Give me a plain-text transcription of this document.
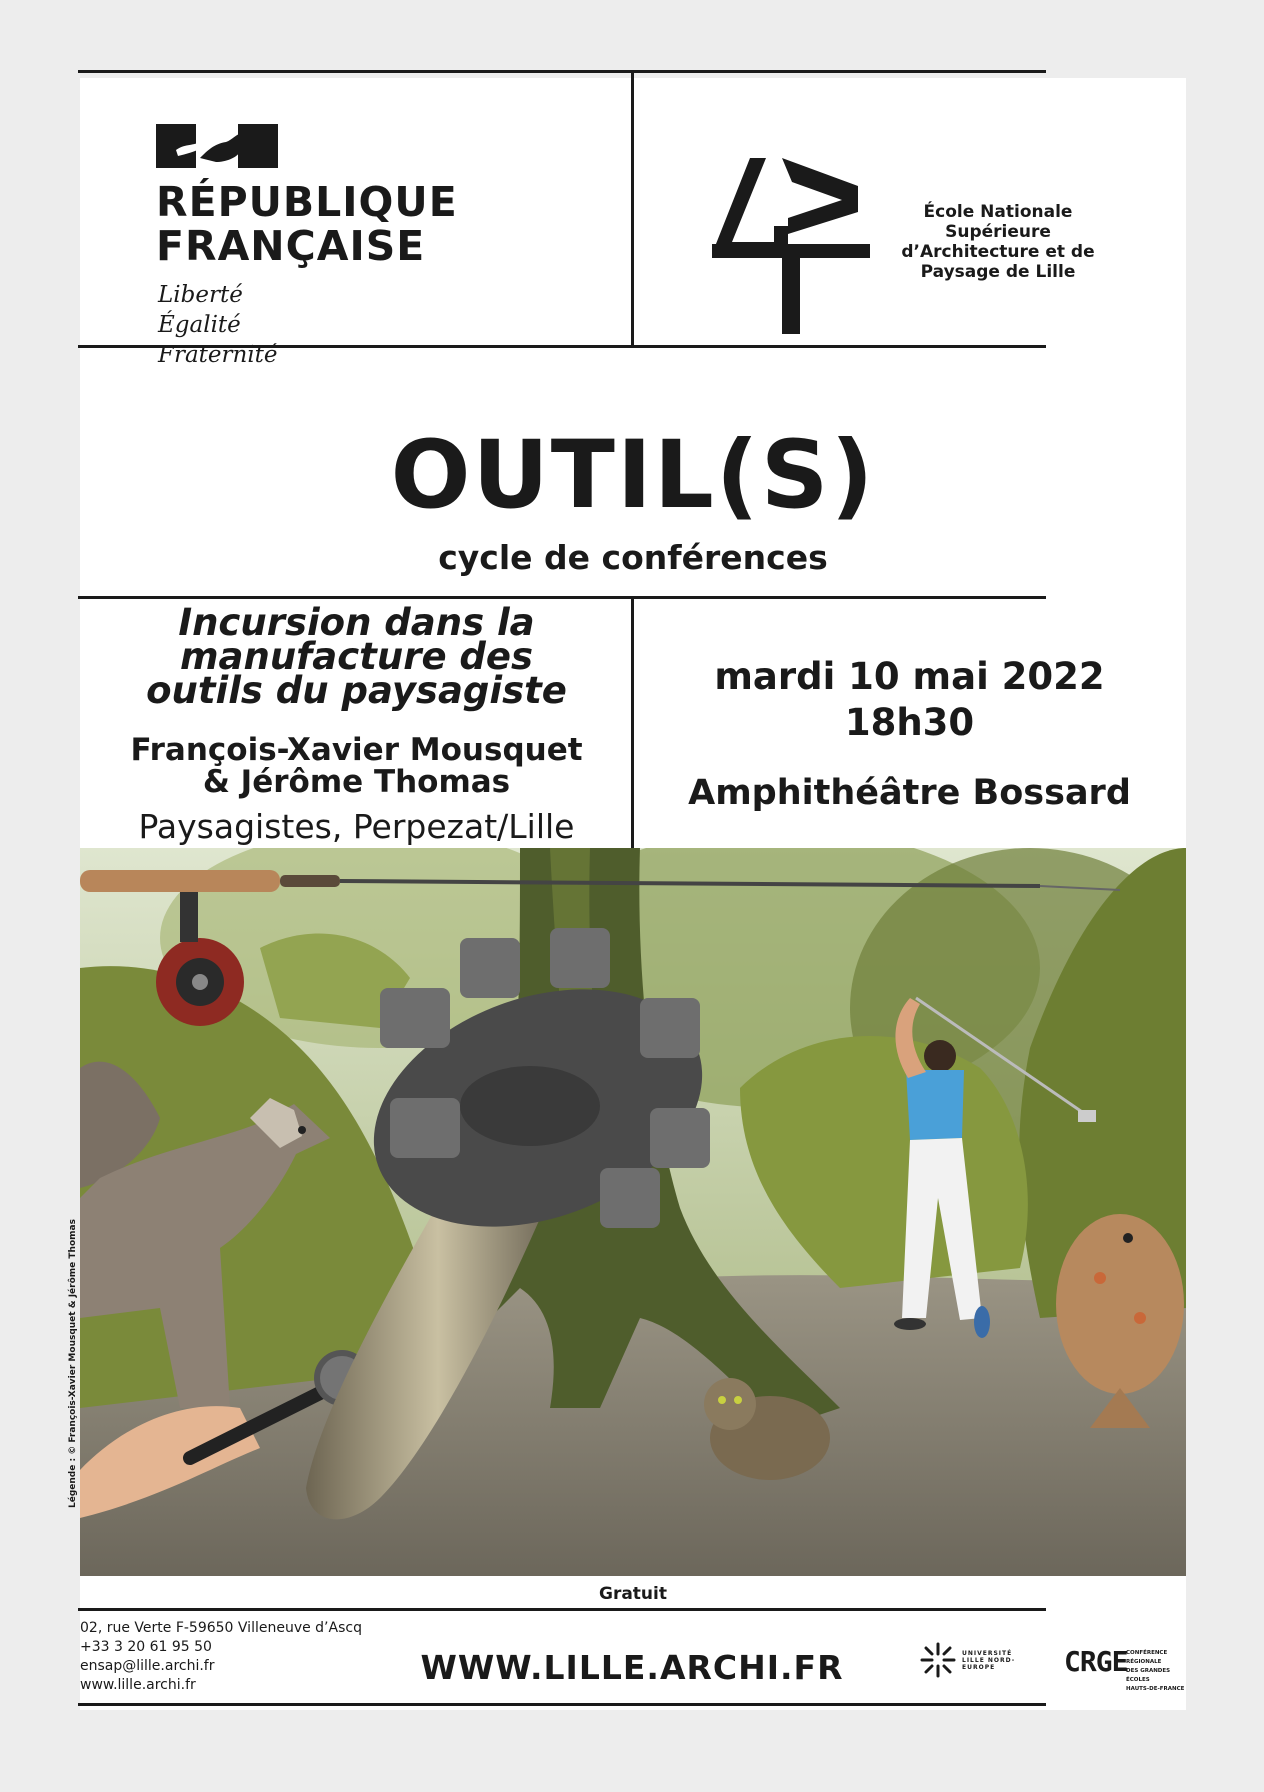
RÉPUBLIQUE
FRANÇAISE
Liberté
Égalité
Fraternité
École Nationale Supérieure d’Architecture et de Paysage de Lille
OUTIL(S)
cycle de conférences
Incursion dans la
manufacture des
outils du paysagiste
François-Xavier Mousquet
& Jérôme Thomas
Paysagistes, Perpezat/Lille
mardi 10 mai 2022
18h30
Amphithéâtre Bossard
Légende : © François-Xavier Mousquet & Jérôme Thomas
Gratuit
02, rue Verte F-59650 Villeneuve d’Ascq
+33 3 20 61 95 50
ensap@lille.archi.fr
www.lille.archi.fr
UNIVERSITÉ
LILLE NORD-EUROPE	CRGE
CONFÉRENCE RÉGIONALE
DES GRANDES ÉCOLES
HAUTS-DE-FRANCE
WWW.LILLE.ARCHI.FR
